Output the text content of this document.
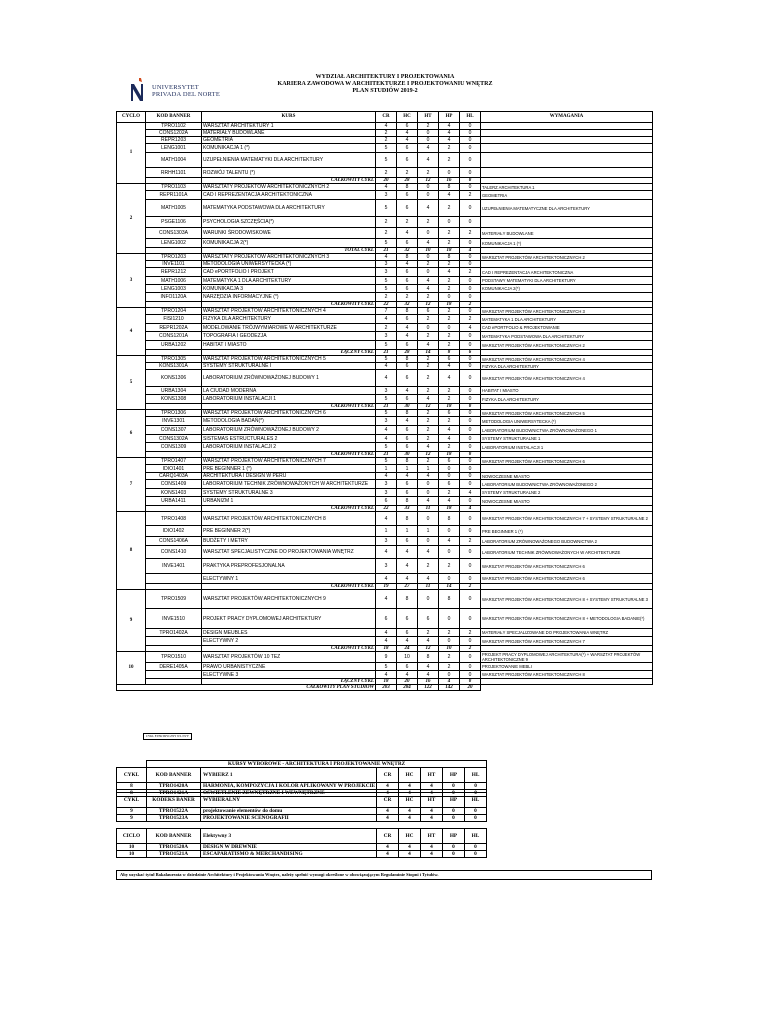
UNIVERSYTET
PRIVADA DEL NORTE
WYDZIAŁ ARCHITEKTURY I PROJEKTOWANIA
KARIERA ZAWODOWA W ARCHITEKTURZE I PROJEKTOWANIU WNĘTRZ
PLAN STUDIÓW 2019-2
CYCLO	KOD BANNER	KURS	CR	HC	HT	HP	HL	WYMAGANIA
1	TPRO1102	WARSZTAT ARCHITEKTURY 1	4	6	2	4	0	
	CONS1202A	MATERIAŁY BUDOWLANE	2	4	0	4	0	
	REPR1203	GEOMETRIA	2	4	0	4	0	
	LENG1001	KOMUNIKACJA 1 (*)	5	6	4	2	0	
	MATH1004	UZUPEŁNIENIA MATEMATYKI DLA ARCHITEKTURY	5	6	4	2	0	
	RRHH1101	ROZWÓJ TALENTU (*)	2	2	2	0	0	
		CAŁKOWITY CYKL	20	28	12	16	0	
2	TPRO1103	WARSZTATY PROJEKTÓW ARCHITEKTONICZNYCH 2	4	8	0	8	0	TALERZ ARCHITEKTURA 1
	REPR1101A	CAD I REPREZENTACJA ARCHITEKTONICZNA	3	6	0	4	2	GEOMETRIA
	MATH1005	MATEMATYKA PODSTAWOWA DLA ARCHITEKTURY	5	6	4	2	0	UZUPEŁNIENIA MATEMATYCZNE DLA ARCHITEKTURY
	PSGE1106	PSYCHOLOGIA SZCZĘŚCIA(*)	2	2	2	0	0	
	CONS1303A	WARUNKI ŚRODOWISKOWE	2	4	0	2	2	MATERIAŁY BUDOWLANE
	LENG1002	KOMUNIKACJA 2(*)	5	6	4	2	0	KOMUNIKACJA 1 (*)
		TOTAL CYKL	21	32	10	18	4	
3	TPRO1203	WARSZTATY PROJEKTÓW ARCHITEKTONICZNYCH 3	4	8	0	8	0	WARSZTAT PROJEKTÓW ARCHITEKTONICZNYCH 2
	INVE1101	METODOLOGIA UNIWERSYTECKA (*)	3	4	2	2	0	
	REPR1212	CAD ePORTFOLIO I PROJEKT	3	6	0	4	2	CAD I REPREZENTACJA ARCHITEKTONICZNA
	MATH1006	MATEMATYKA 1 DLA ARCHITEKTURY	5	6	4	2	0	PODSTAWY MATEMATYKI DLA ARCHITEKTURY
	LENG1003	KOMUNIKACJA 3	5	6	4	2	0	KOMUNIKACJA 2(*)
	INFO1120A	NARZĘDZIA INFORMACYJNE (*)	2	2	2	0	0	
		CAŁKOWITY CYKL	22	32	12	18	2	
4	TPRO1204	WARSZTAT PROJEKTÓW ARCHITEKTONICZNYCH 4	7	8	6	2	0	WARSZTAT PROJEKTÓW ARCHITEKTONICZNYCH 3
	FISI1210	FIZYKA DLA ARCHITEKTURY	4	6	2	2	2	MATEMATYKA 1 DLA ARCHITEKTURY
	REPR1202A	MODELOWANIE TRÓJWYMIAROWE W ARCHITEKTURZE	2	4	0	0	4	CAD ePORTFOLIO & PROJEKTOWANIE
	CONS1201A	TOPOGRAFIA I GEODEZJA	3	4	2	2	0	MATEMATYKA PODSTAWOWA DLA ARCHITEKTURY
	URBA1202	HABITAT I MIASTO	5	6	4	2	0	WARSZTAT PROJEKTÓW ARCHITEKTONICZNYCH 2
		ŁĄCZNY CYKL	21	28	14	8	6	
5	TPRO1305	WARSZTAT PROJEKTÓW ARCHITEKTONICZNYCH 5	5	8	2	6	0	WARSZTAT PROJEKTÓW ARCHITEKTONICZNYCH 4
	KONS1301A	SYSTEMY STRUKTURALNE I	4	6	2	4	0	FIZYKA DLA ARCHITEKTURY
	KONS1306	LABORATORIUM ZRÓWNOWAŻONEJ BUDOWY 1	4	6	2	4	0	WARSZTAT PROJEKTÓW ARCHITEKTONICZNYCH 4
	URBA1304	LA CIUDAD MODERNA	3	4	2	2	0	HABITAT I MIASTO
	KONS1308	LABORATORIUM INSTALACJI 1	5	6	4	2	0	FIZYKA DLA ARCHITEKTURY
		CAŁKOWITY CYKL	21	30	12	18	0	
6	TPRO1306	WARSZTAT PROJEKTÓW ARCHITEKTONICZNYCH 6	5	8	2	6	0	WARSZTAT PROJEKTÓW ARCHITEKTONICZNYCH 5
	INVE1301	METODOLOGIA BADAŃ(*)	3	4	2	2	0	METODOLOGIA UNIWERSYTECKA (*)
	CONS1307	LABORATORIUM ZRÓWNOWAŻONEJ BUDOWY 2	4	6	2	4	0	LABORATORIUM BUDOWNICTWA ZRÓWNOWAŻONEGO 1
	CONS1302A	SISTEMAS ESTRUCTURALES 2	4	6	2	4	0	SYSTEMY STRUKTURALNE 1
	CONS1309	LABORATORIUM INSTALACJI 2	5	6	4	2	0	LABORATORIUM INSTALACJI 1
		CAŁKOWITY CYKL	21	30	12	18	0	
7	TPRO1407	WARSZTAT PROJEKTÓW ARCHITEKTONICZNYCH 7	5	8	2	6	0	WARSZTAT PROJEKTÓW ARCHITEKTONICZNYCH 6
	IDIO1401	PRE BEGINNER 1 (*)	1	1	1	0	0	
	CARQ1403A	ARCHITEKTURA I DESIGN W PERU	4	4	4	0	0	NOWOCZESNE MIASTO
	CONS1409	LABORATORIUM TECHNIK ZRÓWNOWAŻONYCH W ARCHITEKTURZE	3	6	0	6	0	LABORATORIUM BUDOWNICTWA ZRÓWNOWAŻONEGO 2
	KONS1403	SYSTEMY STRUKTURALNE 3	3	6	0	2	4	SYSTEMY STRUKTURALNE 2
	URBA1411	URBANIZM 1	6	8	4	4	0	NOWOCZESNE MIASTO
		CAŁKOWITY CYKL	22	33	11	18	4	
8	TPRO1408	WARSZTAT PROJEKTÓW ARCHITEKTONICZNYCH 8	4	8	0	8	0	WARSZTAT PROJEKTÓW ARCHITEKTONICZNYCH 7 + SYSTEMY STRUKTURALNE 2
	IDIO1402	PRE BEGINNER 2(*)	1	1	1	0	0	PRE BEGINNER 1 (*)
	CONS1406A	BUDŻETY I METRY	3	6	0	4	2	LABORATORIUM ZRÓWNOWAŻONEGO BUDOWNICTWA 2
	CONS1410	WARSZTAT SPECJALISTYCZNE DO PROJEKTOWANIA WNĘTRZ	4	4	4	0	0	LABORATORIUM TECHNIK ZRÓWNOWAŻONYCH W ARCHITEKTURZE
	INVE1401	PRAKTYKA PREPROFESJONALNA	3	4	2	2	0	WARSZTAT PROJEKTÓW ARCHITEKTONICZNYCH 6
		ELECTYWNY 1	4	4	4	0	0	WARSZTAT PROJEKTÓW ARCHITEKTONICZNYCH 6
		CAŁKOWITY CYKL	19	27	11	14	2	
9	TPRO1509	WARSZTAT PROJEKTÓW ARCHITEKTONICZNYCH 9	4	8	0	8	0	WARSZTAT PROJEKTÓW ARCHITEKTONICZNYCH 8 + SYSTEMY STRUKTURALNE 3
	INVE1510	PROJEKT PRACY DYPLOMOWEJ ARCHITEKTURY	6	6	6	0	0	WARSZTAT PROJEKTÓW ARCHITEKTONICZNYCH 8 + METODOLOGIA BADANIE(*)
	TPRO1402A	DESIGN MEUBLES	4	6	2	2	2	MATERIAŁY SPECJALIZOWANE DO PROJEKTOWANIA WNĘTRZ
		ELECTYWNY 2	4	4	4	0	0	WARSZTAT PROJEKTÓW ARCHITEKTONICZNYCH 7
		CAŁKOWITY CYKL	18	24	12	10	2	
10	TPRO1510	WARSZTAT PROJEKTÓW 10 TEZ	9	10	8	2	0	PROJEKT PRACY DYPLOMOWEJ ARCHITEKTURA(*) + WARSZTAT PROJEKTÓW ARCHITEKTONICZNE 9
	DERE1405A	PRAWO URBANISTYCZNE	5	6	4	2	0	PROJEKTOWANIE MEBLI
		ELECTYWNE 3	4	4	4	0	0	WARSZTAT PROJEKTÓW ARCHITEKTONICZNYCH 8
		ŁĄCZNY CYKL	18	20	16	4	0	
CAŁKOWITY PLAN STUDIÓW			203	284	122	142	20	
CYKL ETEKTRYCZNY WL NVY
	KURSY WYBOROWE - ARCHITEKTURA I PROJEKTOWANIE WNĘTRZ						
CYKL	KOD BANNER	WYBIERZ 1	CR	HC	HT	HP	HL
8	TPRO1420A	HARMONIA, KOMPOZYCJA I KOLOR APLIKOWANY W PROJEKCIE	4	4	4	0	0
8	TPRO1421A	OŚWIETLENIE ZEWNĘTRZNE I WEWNĘTRZNE	4	4	4	0	0
CYKL	KODEKS BANER	WYBIERALNY	CR	HC	HT	HP	HL
9	TPRO1522A	projektowanie elementów do domu	4	4	4	0	0
9	TPRO1523A	PROJEKTOWANIE SCENOGRAFII	4	4	4	0	0
CICLO	KOD BANNER	Elektywny 3	CR	HC	HT	HP	HL
10	TPRO1520A	DESIGN W DREWNIE	4	4	4	0	0
10	TPRO1521A	ESCAPARATISMO & MERCHANDISING	4	4	4	0	0
Aby uzyskać tytuł Bakalaureata w dziedzinie Architektury i Projektowania Wnętrz, należy spełnić wymogi określone w obowiązującym Regulaminie Stopni i Tytułów.
